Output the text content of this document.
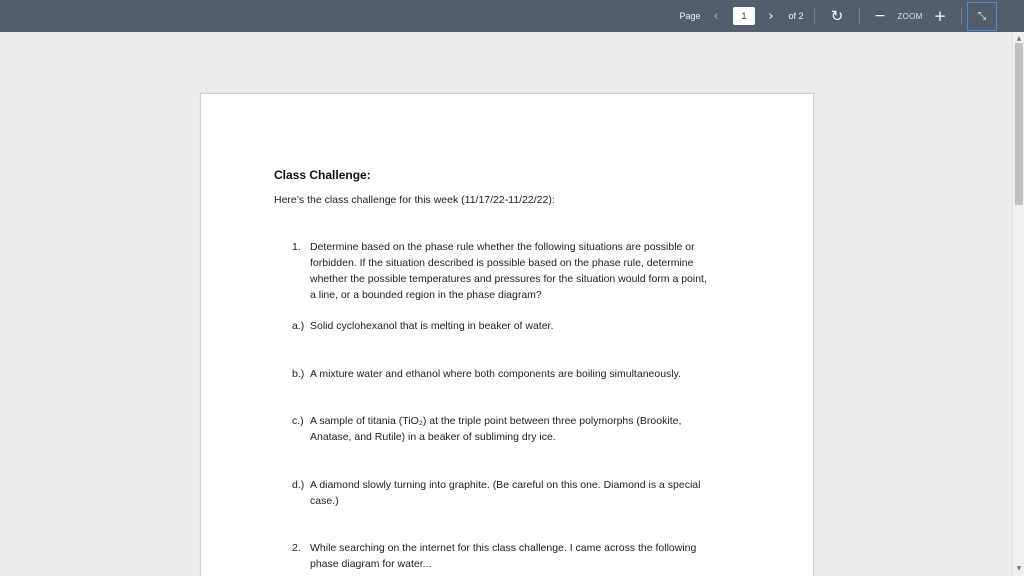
Page ‹
1	›	of 2	↻	−	ZOOM +	⤡
▲
▼
Class Challenge:
Here’s the class challenge for this week (11/17/22-11/22/22):
1. Determine based on the phase rule whether the following situations are possible or
forbidden. If the situation described is possible based on the phase rule, determine
whether the possible temperatures and pressures for the situation would form a point,
a line, or a bounded region in the phase diagram?
a.) Solid cyclohexanol that is melting in beaker of water.
b.) A mixture water and ethanol where both components are boiling simultaneously.
c.) A sample of titania (TiO₂) at the triple point between three polymorphs (Brookite,
Anatase, and Rutile) in a beaker of subliming dry ice.
d.) A diamond slowly turning into graphite. (Be careful on this one. Diamond is a special
case.)
2. While searching on the internet for this class challenge. I came across the following
phase diagram for water...
